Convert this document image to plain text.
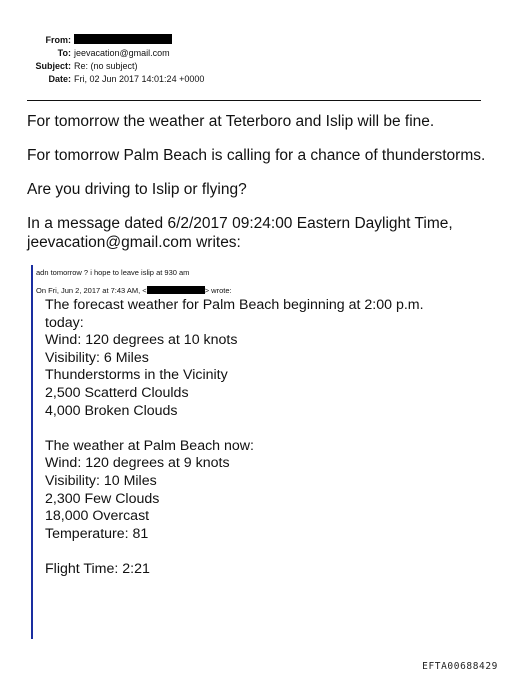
From:
To: jeevacation@gmail.com
Subject: Re: (no subject)
Date: Fri, 02 Jun 2017 14:01:24 +0000

For tomorrow the weather at Teterboro and Islip will be fine.

For tomorrow Palm Beach is calling for a chance of thunderstorms.

Are you driving to Islip or flying?

In a message dated 6/2/2017 09:24:00 Eastern Daylight Time,
jeevacation@gmail.com writes:

adn tomorrow ? i hope to leave islip at 930 am
On Fri, Jun 2, 2017 at 7:43 AM, <	> wrote:
The forecast weather for Palm Beach beginning at 2:00 p.m.
today:
Wind: 120 degrees at 10 knots
Visibility: 6 Miles
Thunderstorms in the Vicinity
2,500 Scatterd Cloulds
4,000 Broken Clouds
The weather at Palm Beach now:
Wind: 120 degrees at 9 knots
Visibility: 10 Miles
2,300 Few Clouds
18,000 Overcast
Temperature: 81
Flight Time: 2:21
EFTA00688429
